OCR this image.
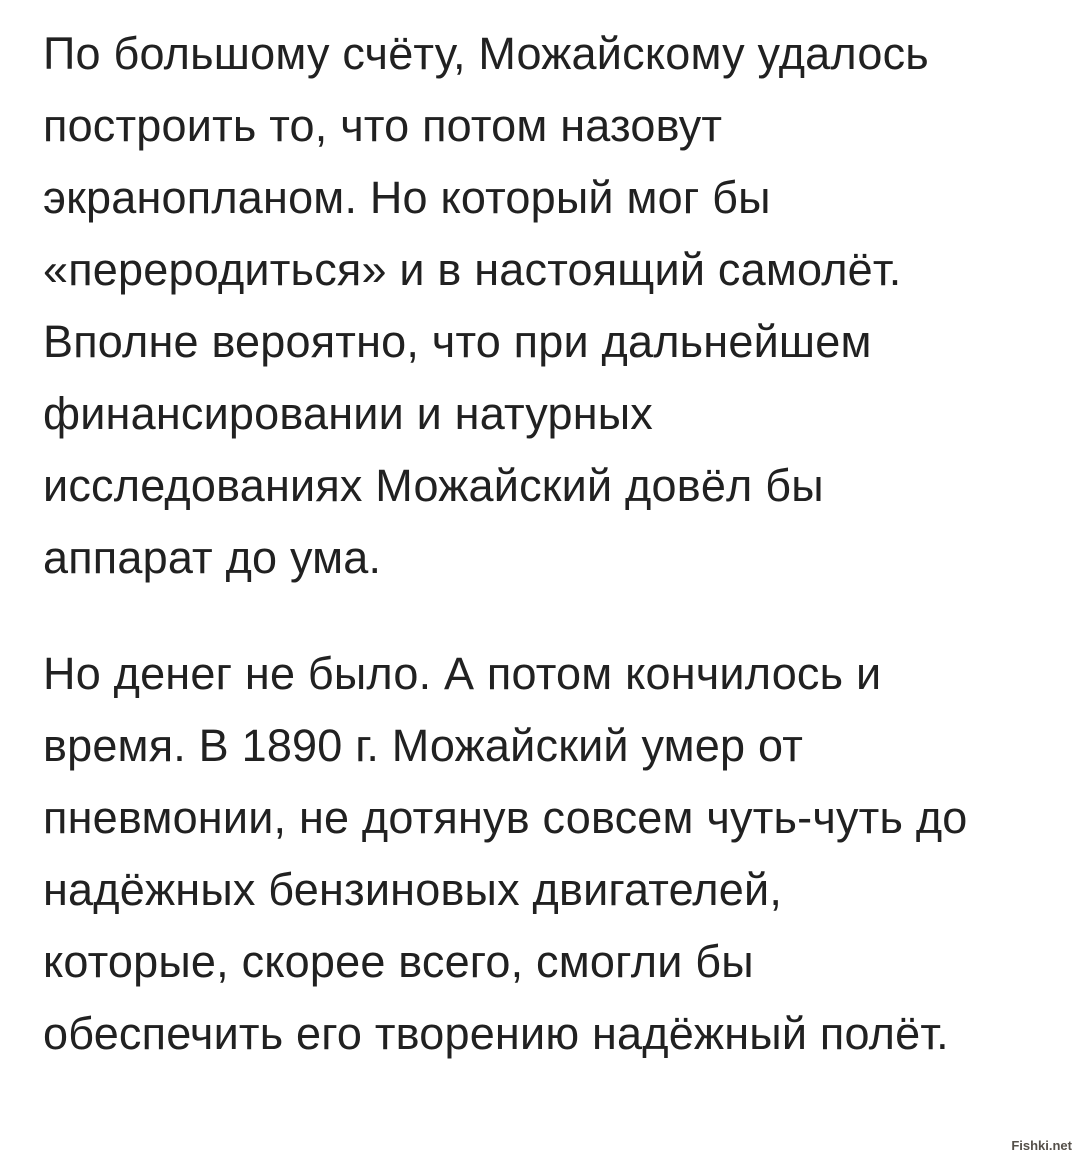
По большому счёту, Можайскому удалось
построить то, что потом назовут
экранопланом. Но который мог бы
«переродиться» и в настоящий самолёт.
Вполне вероятно, что при дальнейшем
финансировании и натурных
исследованиях Можайский довёл бы
аппарат до ума.
Но денег не было. А потом кончилось и
время. В 1890 г. Можайский умер от
пневмонии, не дотянув совсем чуть-чуть до
надёжных бензиновых двигателей,
которые, скорее всего, смогли бы
обеспечить его творению надёжный полёт.
Fishki.net
